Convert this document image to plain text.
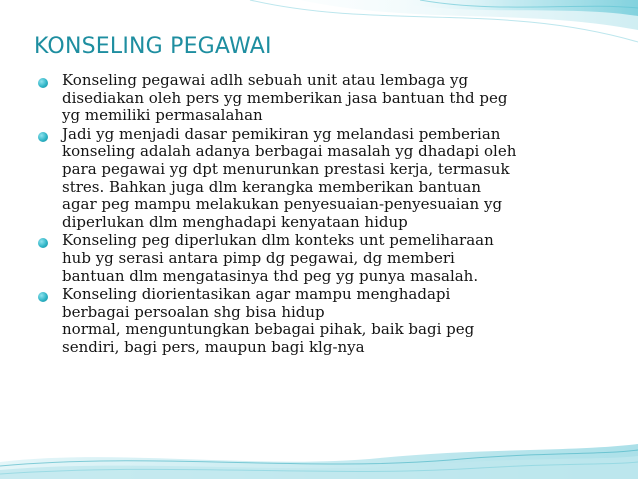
KONSELING PEGAWAI
Konseling pegawai adlh sebuah unit atau lembaga yg
disediakan oleh pers yg memberikan jasa bantuan thd peg
yg memiliki permasalahan
Jadi yg menjadi dasar pemikiran yg melandasi pemberian
konseling adalah adanya berbagai masalah yg dhadapi oleh
para pegawai yg dpt menurunkan prestasi kerja, termasuk
stres. Bahkan juga dlm kerangka memberikan bantuan
agar peg mampu melakukan penyesuaian-penyesuaian yg
diperlukan dlm menghadapi kenyataan hidup
Konseling peg diperlukan dlm konteks unt pemeliharaan
hub yg serasi antara pimp dg pegawai, dg memberi
bantuan dlm mengatasinya thd peg yg punya masalah.
Konseling diorientasikan agar mampu menghadapi
berbagai persoalan shg bisa hidup
normal, menguntungkan bebagai pihak, baik bagi peg
sendiri, bagi pers, maupun bagi klg-nya
